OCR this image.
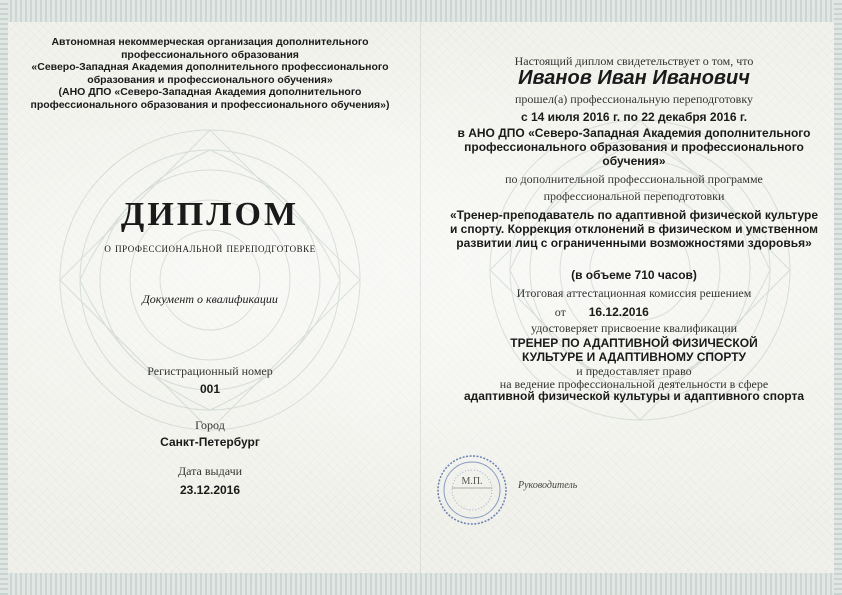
Автономная некоммерческая организация дополнительного
профессионального образования
«Северо-Западная Академия дополнительного профессионального
образования и профессионального обучения»
(АНО ДПО «Северо-Западная Академия дополнительного
профессионального образования и профессионального обучения»)
ДИПЛОМ
о профессиональной переподготовке
Документ о квалификации
Регистрационный номер
001
Город
Санкт-Петербург
Дата выдачи
23.12.2016
Настоящий диплом свидетельствует о том, что
Иванов Иван Иванович
прошел(а) профессиональную переподготовку
с 14 июля 2016 г. по 22 декабря 2016 г.
в АНО ДПО «Северо-Западная Академия дополнительного
профессионального образования и профессионального
обучения»
по дополнительной профессиональной программе
профессиональной переподготовки
«Тренер-преподаватель по адаптивной физической культуре
и спорту. Коррекция отклонений в физическом и умственном
развитии лиц с ограниченными возможностями здоровья»
(в объеме 710 часов)
Итоговая аттестационная комиссия решением
от 16.12.2016
удостоверяет присвоение квалификации
ТРЕНЕР ПО АДАПТИВНОЙ ФИЗИЧЕСКОЙ
КУЛЬТУРЕ И АДАПТИВНОМУ СПОРТУ
и предоставляет право
на ведение профессиональной деятельности в сфере
адаптивной физической культуры и адаптивного спорта
М.П.	Руководитель
